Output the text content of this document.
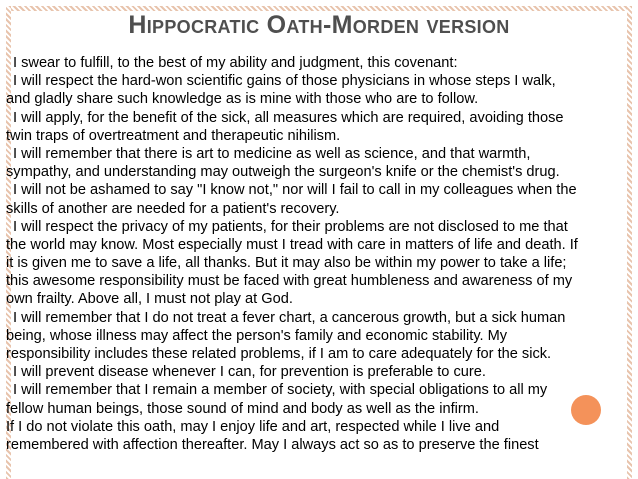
Hippocratic Oath-Morden version
I swear to fulfill, to the best of my ability and judgment, this covenant:
I will respect the hard-won scientific gains of those physicians in whose steps I walk,
and gladly share such knowledge as is mine with those who are to follow.
I will apply, for the benefit of the sick, all measures which are required, avoiding those
twin traps of overtreatment and therapeutic nihilism.
I will remember that there is art to medicine as well as science, and that warmth,
sympathy, and understanding may outweigh the surgeon's knife or the chemist's drug.
I will not be ashamed to say "I know not," nor will I fail to call in my colleagues when the
skills of another are needed for a patient's recovery.
I will respect the privacy of my patients, for their problems are not disclosed to me that
the world may know. Most especially must I tread with care in matters of life and death. If
it is given me to save a life, all thanks. But it may also be within my power to take a life;
this awesome responsibility must be faced with great humbleness and awareness of my
own frailty. Above all, I must not play at God.
I will remember that I do not treat a fever chart, a cancerous growth, but a sick human
being, whose illness may affect the person's family and economic stability. My
responsibility includes these related problems, if I am to care adequately for the sick.
I will prevent disease whenever I can, for prevention is preferable to cure.
I will remember that I remain a member of society, with special obligations to all my
fellow human beings, those sound of mind and body as well as the infirm.
If I do not violate this oath, may I enjoy life and art, respected while I live and
remembered with affection thereafter. May I always act so as to preserve the finest
